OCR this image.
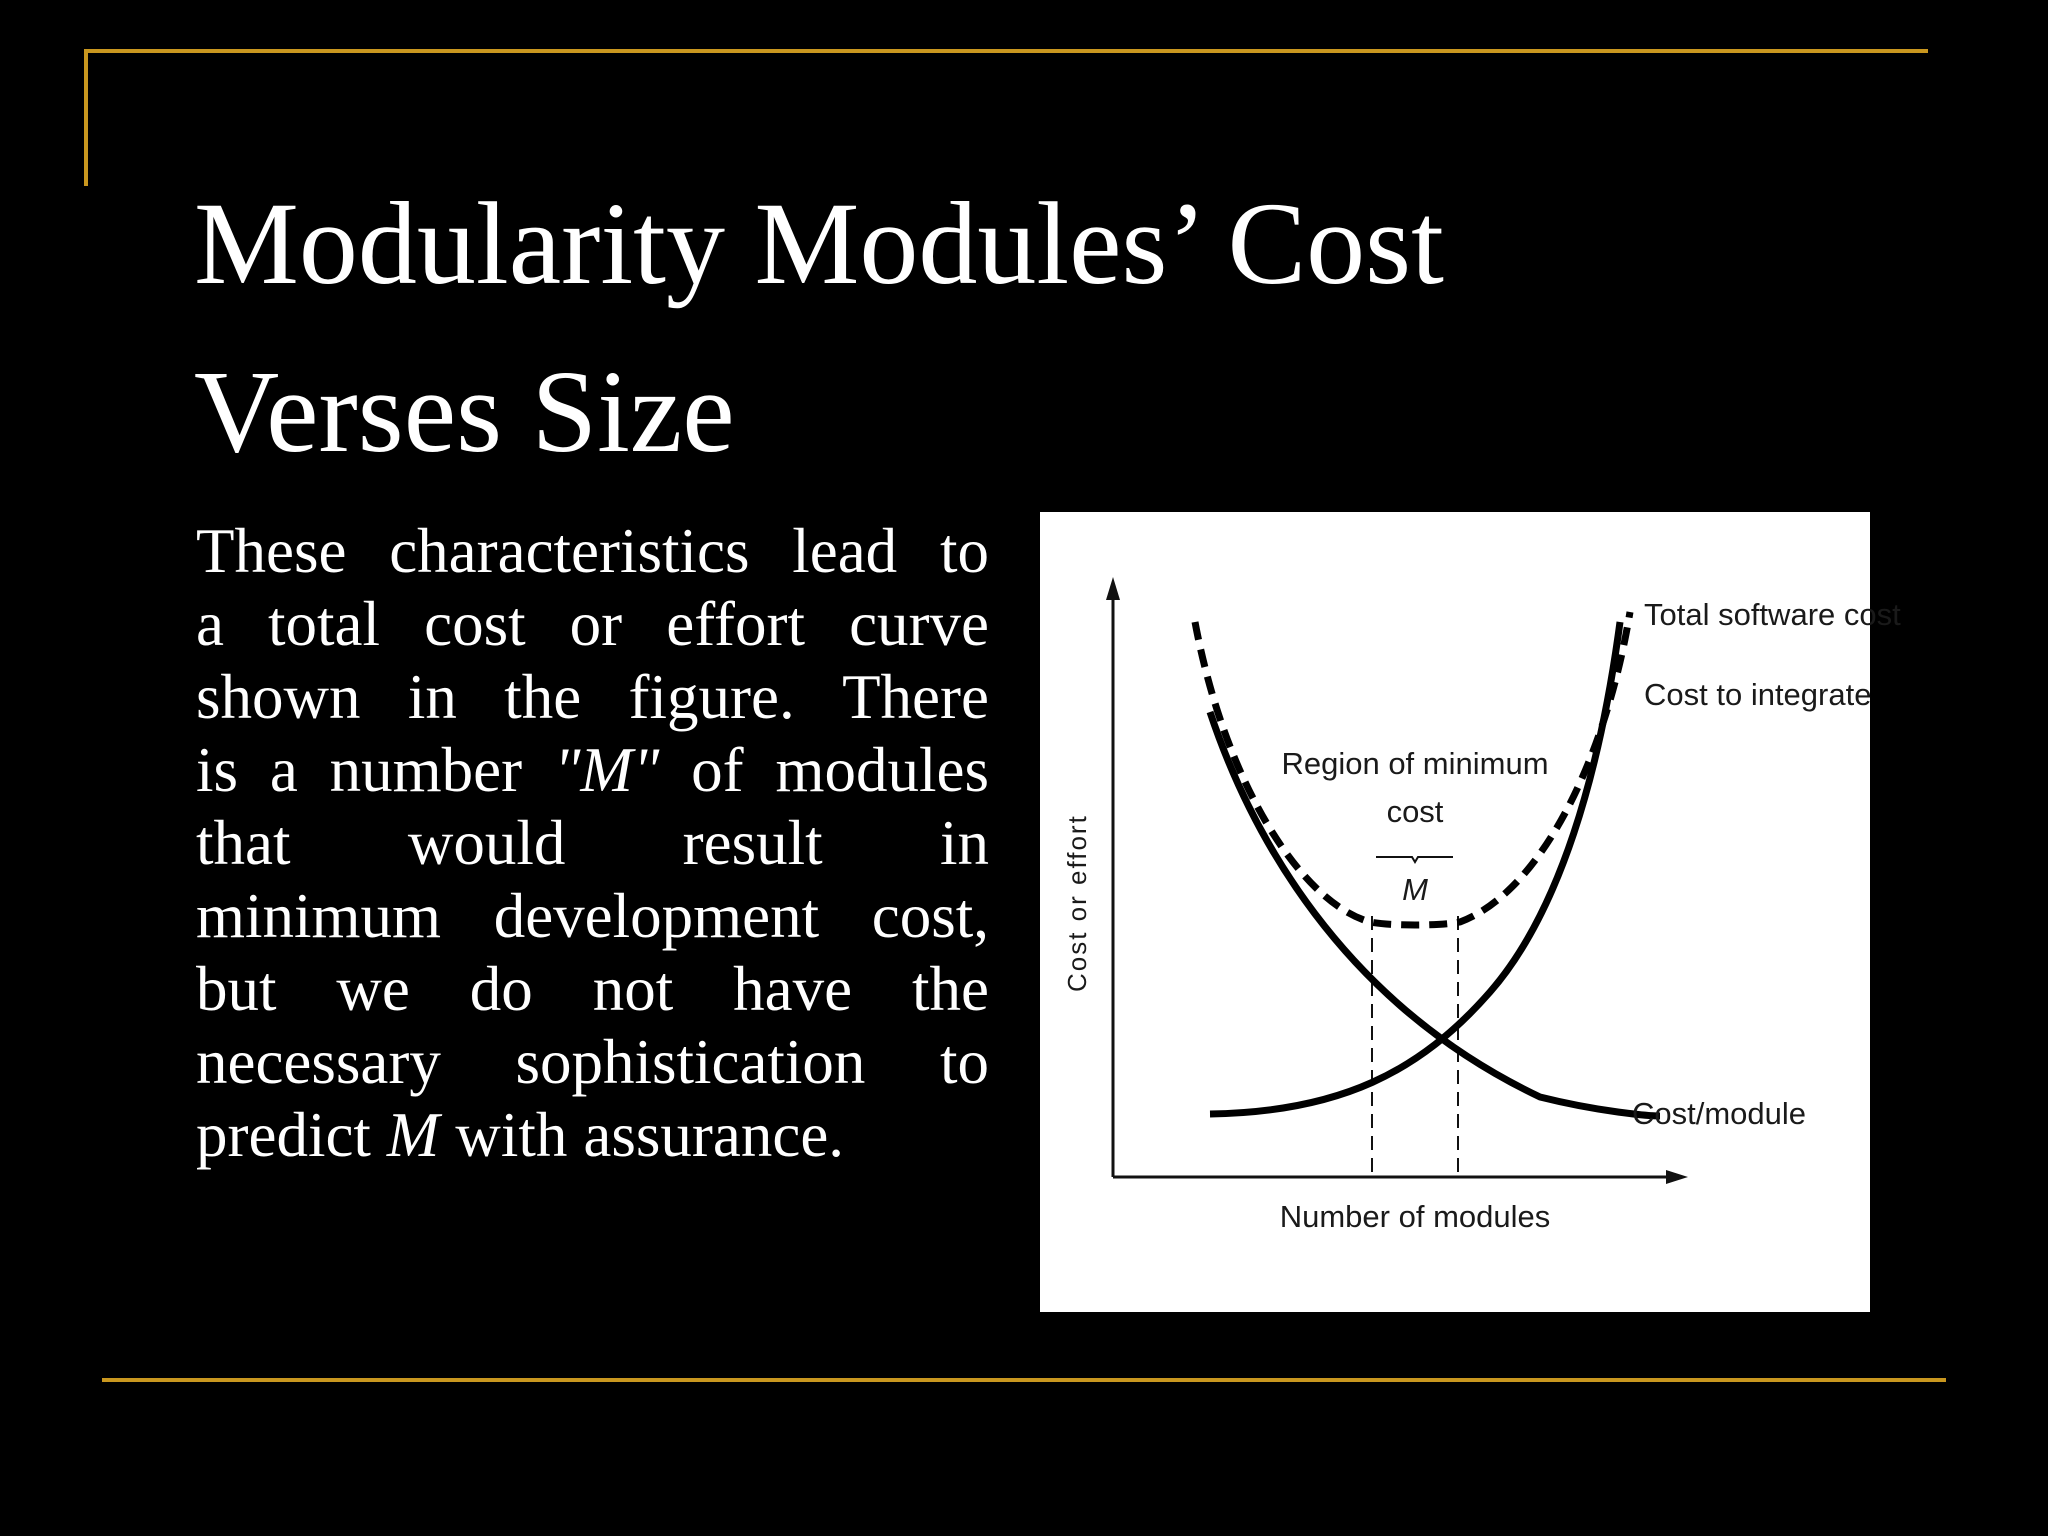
Modularity Modules’ Cost
Verses Size
These characteristics lead to
a total cost or effort curve
shown in the figure. There
is a number "M" of modules
that would result in
minimum development cost,
but we do not have the
necessary sophistication to
predict M with assurance.
Cost or effort
Number of modules
Region of minimum
cost
M
Total software cost
Cost to integrate
Cost/module
